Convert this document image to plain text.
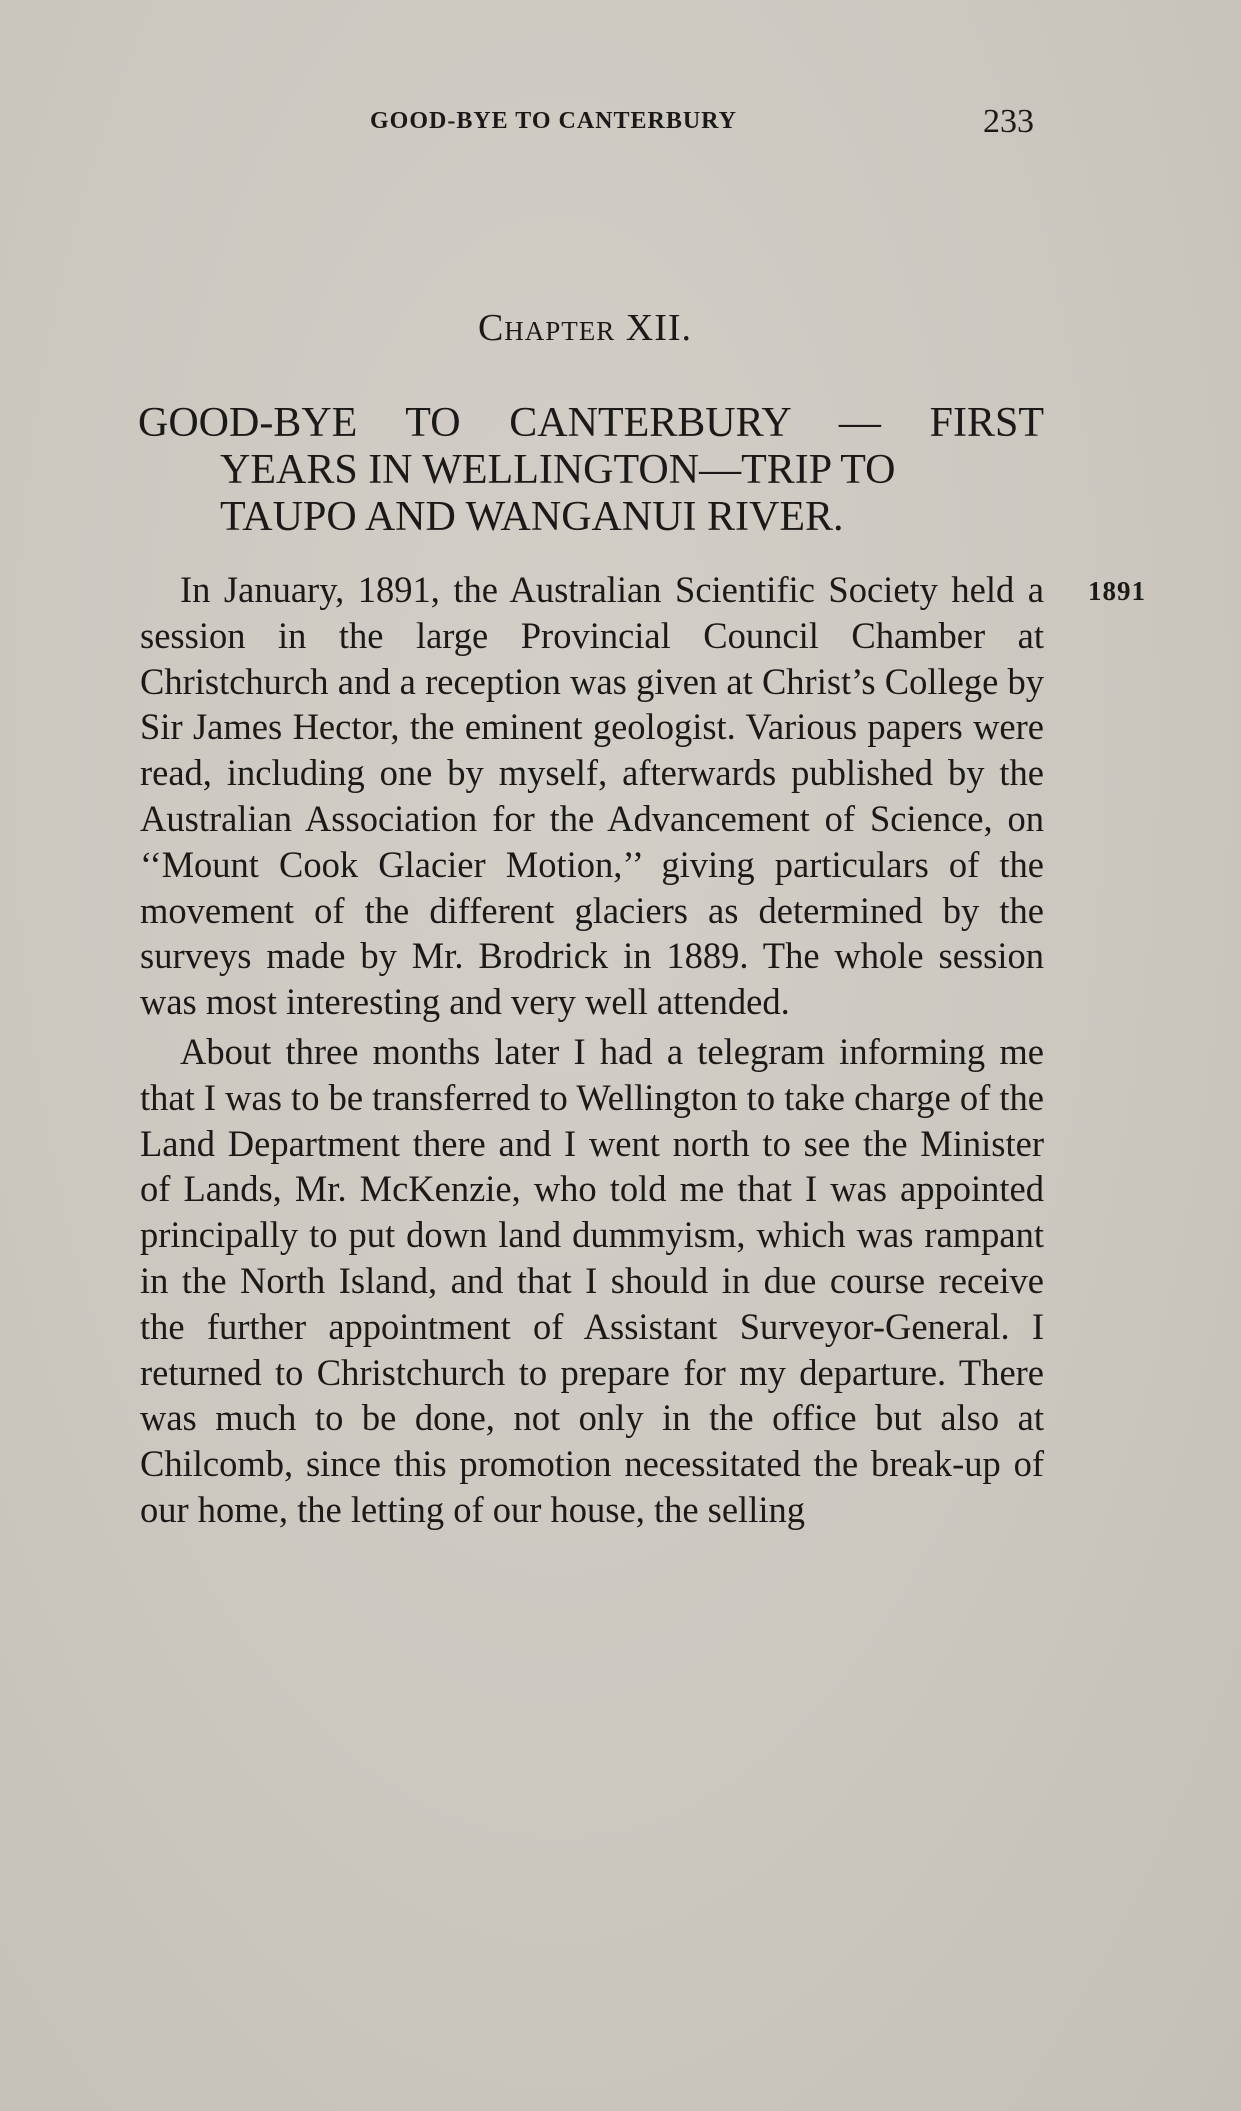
GOOD-BYE TO CANTERBURY	233
Chapter XII.
GOOD-BYE TO CANTERBURY — FIRST
YEARS IN WELLINGTON—TRIP TO
TAUPO AND WANGANUI RIVER.
1891

In January, 1891, the Australian Scientific Society held a session in the large Provincial Council Chamber at Christchurch and a reception was given at Christ’s College by Sir James Hector, the eminent geologist. Various papers were read, including one by myself, afterwards published by the Australian Association for the Advancement of Science, on ‘‘Mount Cook Glacier Motion,’’ giving particulars of the movement of the different glaciers as determined by the surveys made by Mr. Brodrick in 1889. The whole session was most interesting and very well attended.

About three months later I had a telegram informing me that I was to be transferred to Wellington to take charge of the Land Department there and I went north to see the Minister of Lands, Mr. McKenzie, who told me that I was appointed principally to put down land dummyism, which was rampant in the North Island, and that I should in due course receive the further appointment of Assistant Surveyor-General. I returned to Christchurch to prepare for my departure. There was much to be done, not only in the office but also at Chilcomb, since this promotion necessitated the break-up of our home, the letting of our house, the selling
